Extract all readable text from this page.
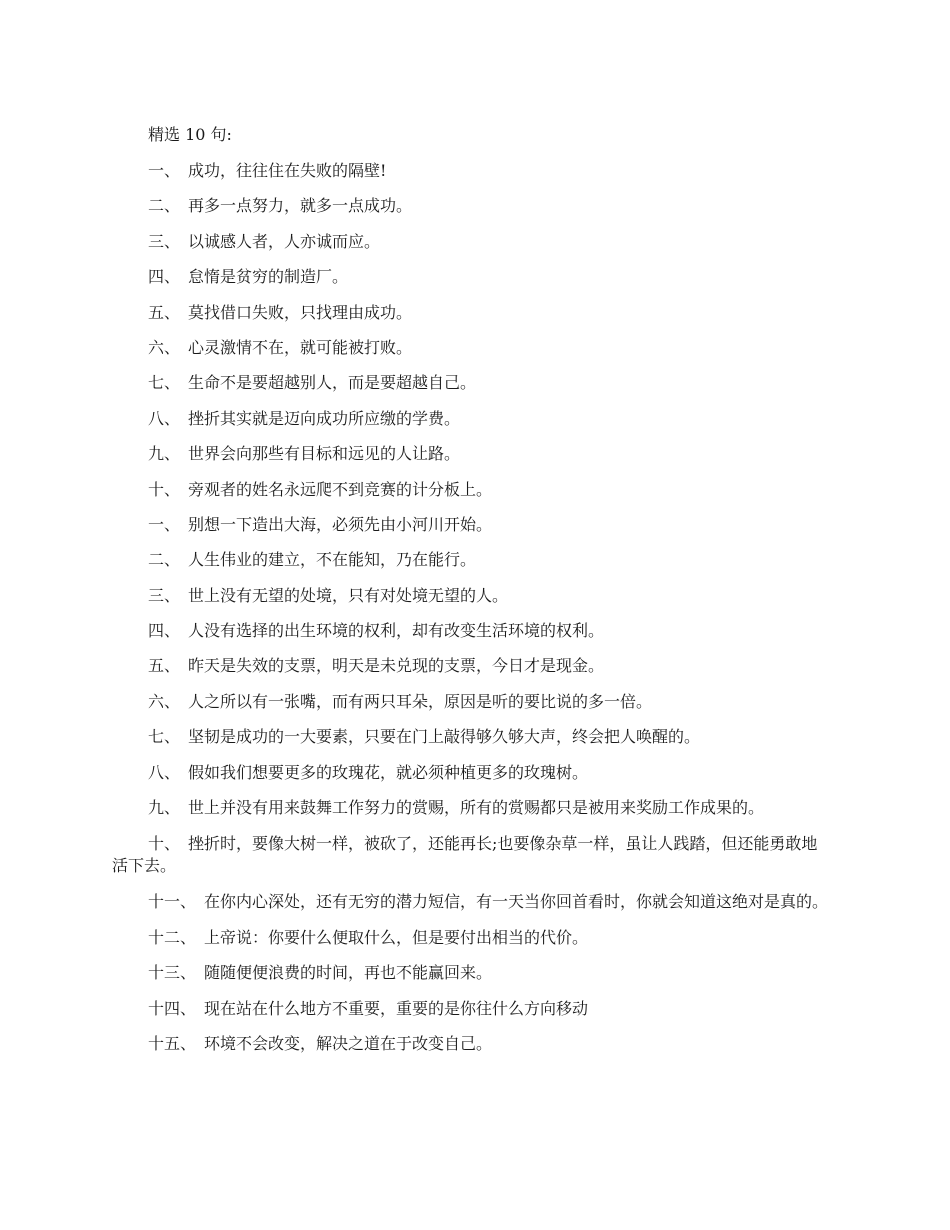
精选 10 句:
一、 成功，往往住在失败的隔壁!
二、 再多一点努力，就多一点成功。
三、 以诚感人者，人亦诚而应。
四、 怠惰是贫穷的制造厂。
五、 莫找借口失败，只找理由成功。
六、 心灵激情不在，就可能被打败。
七、 生命不是要超越别人，而是要超越自己。
八、 挫折其实就是迈向成功所应缴的学费。
九、 世界会向那些有目标和远见的人让路。
十、 旁观者的姓名永远爬不到竞赛的计分板上。
一、 别想一下造出大海，必须先由小河川开始。
二、 人生伟业的建立，不在能知，乃在能行。
三、 世上没有无望的处境，只有对处境无望的人。
四、 人没有选择的出生环境的权利，却有改变生活环境的权利。
五、 昨天是失效的支票，明天是未兑现的支票，今日才是现金。
六、 人之所以有一张嘴，而有两只耳朵，原因是听的要比说的多一倍。
七、 坚韧是成功的一大要素，只要在门上敲得够久够大声，终会把人唤醒的。
八、 假如我们想要更多的玫瑰花，就必须种植更多的玫瑰树。
九、 世上并没有用来鼓舞工作努力的赏赐，所有的赏赐都只是被用来奖励工作成果的。
十、 挫折时，要像大树一样，被砍了，还能再长;也要像杂草一样，虽让人践踏，但还能勇敢地活下去。
十一、 在你内心深处，还有无穷的潜力短信，有一天当你回首看时，你就会知道这绝对是真的。
十二、 上帝说：你要什么便取什么，但是要付出相当的代价。
十三、 随随便便浪费的时间，再也不能赢回来。
十四、 现在站在什么地方不重要，重要的是你往什么方向移动
十五、 环境不会改变，解决之道在于改变自己。
